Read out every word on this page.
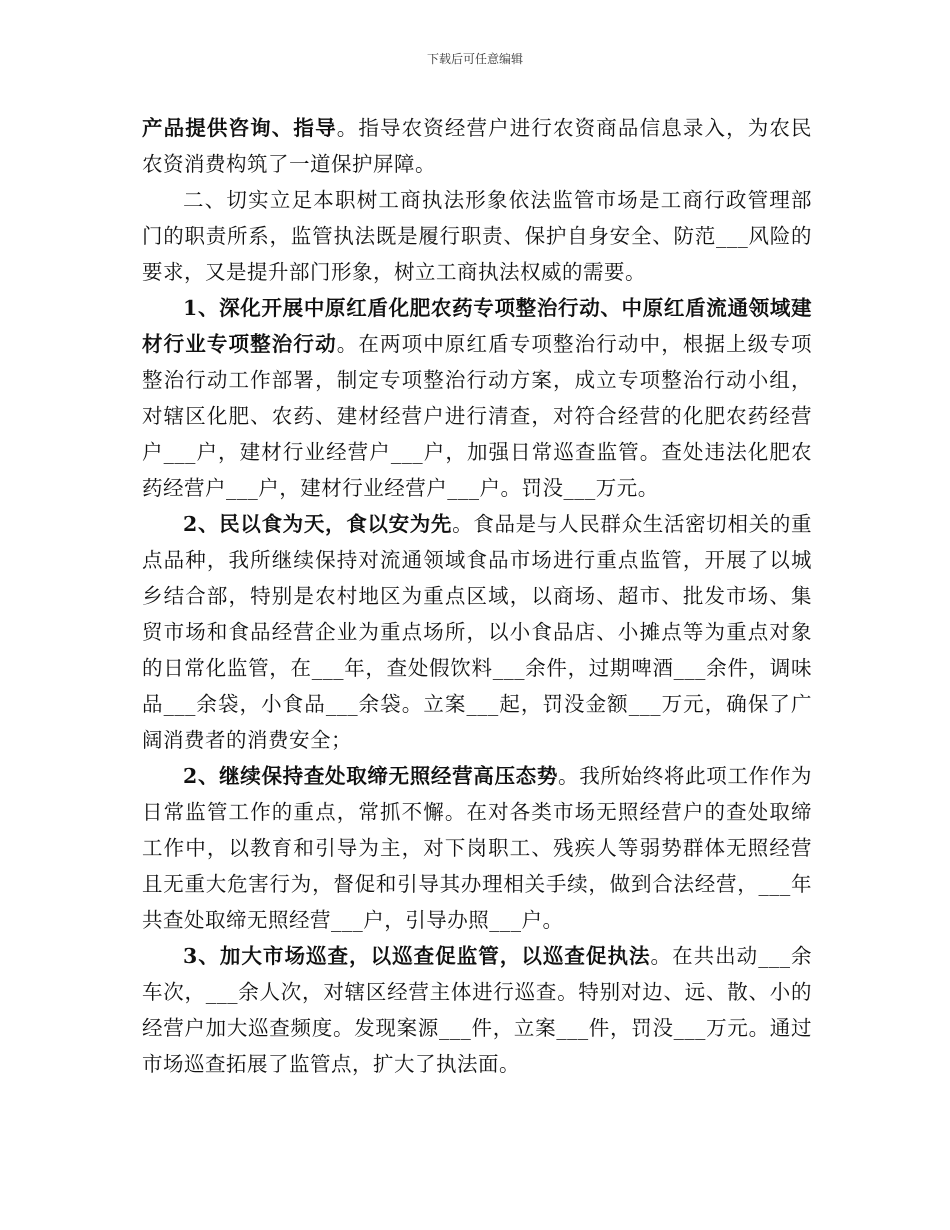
下载后可任意编辑

产品提供咨询、指导。指导农资经营户进行农资商品信息录入，为农民农资消费构筑了一道保护屏障。

二、切实立足本职树工商执法形象依法监管市场是工商行政管理部门的职责所系，监管执法既是履行职责、保护自身安全、防范___风险的要求，又是提升部门形象，树立工商执法权威的需要。

1、深化开展中原红盾化肥农药专项整治行动、中原红盾流通领域建材行业专项整治行动。在两项中原红盾专项整治行动中，根据上级专项整治行动工作部署，制定专项整治行动方案，成立专项整治行动小组，对辖区化肥、农药、建材经营户进行清查，对符合经营的化肥农药经营户___户，建材行业经营户___户，加强日常巡查监管。查处违法化肥农药经营户___户，建材行业经营户___户。罚没___万元。

2、民以食为天，食以安为先。食品是与人民群众生活密切相关的重点品种，我所继续保持对流通领域食品市场进行重点监管，开展了以城乡结合部，特别是农村地区为重点区域，以商场、超市、批发市场、集贸市场和食品经营企业为重点场所，以小食品店、小摊点等为重点对象的日常化监管，在___年，查处假饮料___余件，过期啤酒___余件，调味品___余袋，小食品___余袋。立案___起，罚没金额___万元，确保了广阔消费者的消费安全；

2、继续保持查处取缔无照经营高压态势。我所始终将此项工作作为日常监管工作的重点，常抓不懈。在对各类市场无照经营户的查处取缔工作中，以教育和引导为主，对下岗职工、残疾人等弱势群体无照经营且无重大危害行为，督促和引导其办理相关手续，做到合法经营，___年共查处取缔无照经营___户，引导办照___户。

3、加大市场巡查，以巡查促监管，以巡查促执法。在共出动___余车次，___余人次，对辖区经营主体进行巡查。特别对边、远、散、小的经营户加大巡查频度。发现案源___件，立案___件，罚没___万元。通过市场巡查拓展了监管点，扩大了执法面。
